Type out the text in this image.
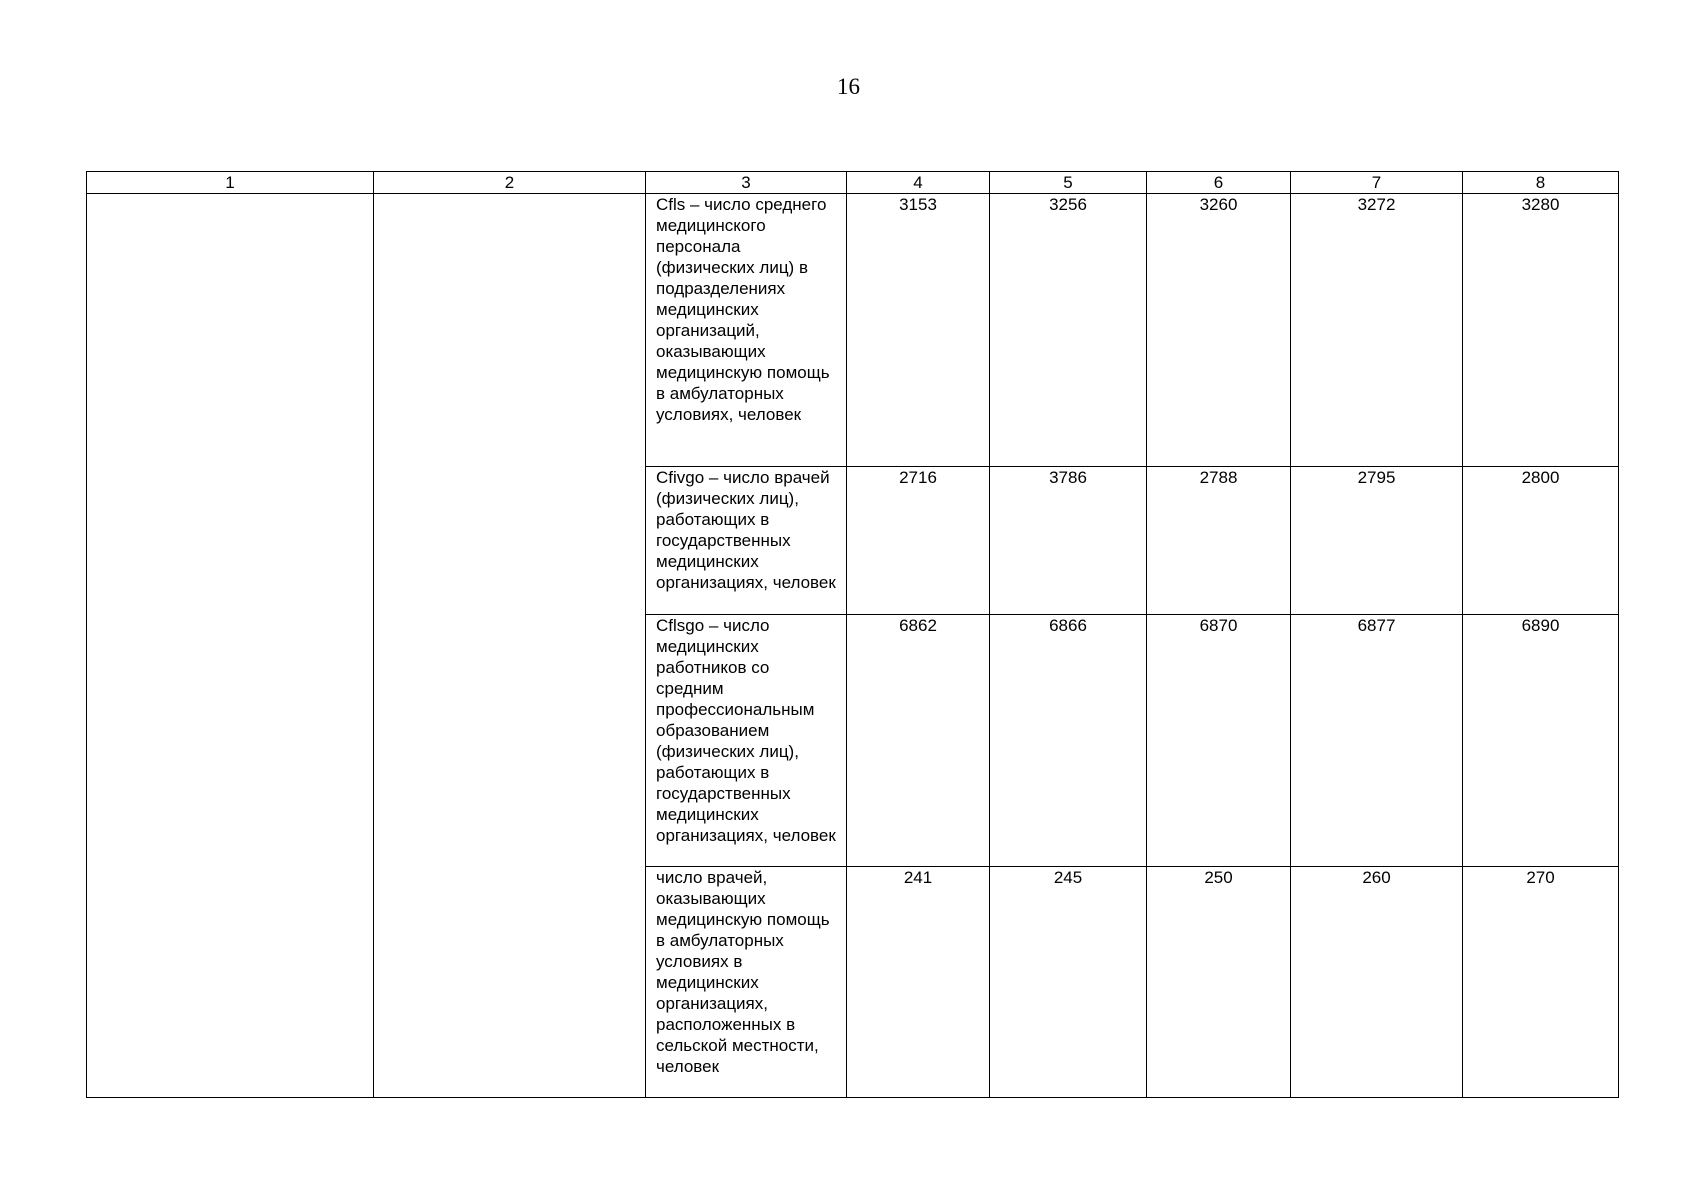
16
1	2	3	4	5	6	7	8
		Cfls – число среднего медицинского персонала (физических лиц) в подразделениях медицинских организаций, оказывающих медицинскую помощь в амбулаторных условиях, человек	3153	3256	3260	3272	3280
		Cfivgo – число врачей (физических лиц), работающих в государственных медицинских организациях, человек	2716	3786	2788	2795	2800
		Cflsgo – число медицинских работников со средним профессиональным образованием (физических лиц), работающих в государственных медицинских организациях, человек	6862	6866	6870	6877	6890
		число врачей, оказывающих медицинскую помощь в амбулаторных условиях в медицинских организациях, расположенных в сельской местности, человек	241	245	250	260	270
